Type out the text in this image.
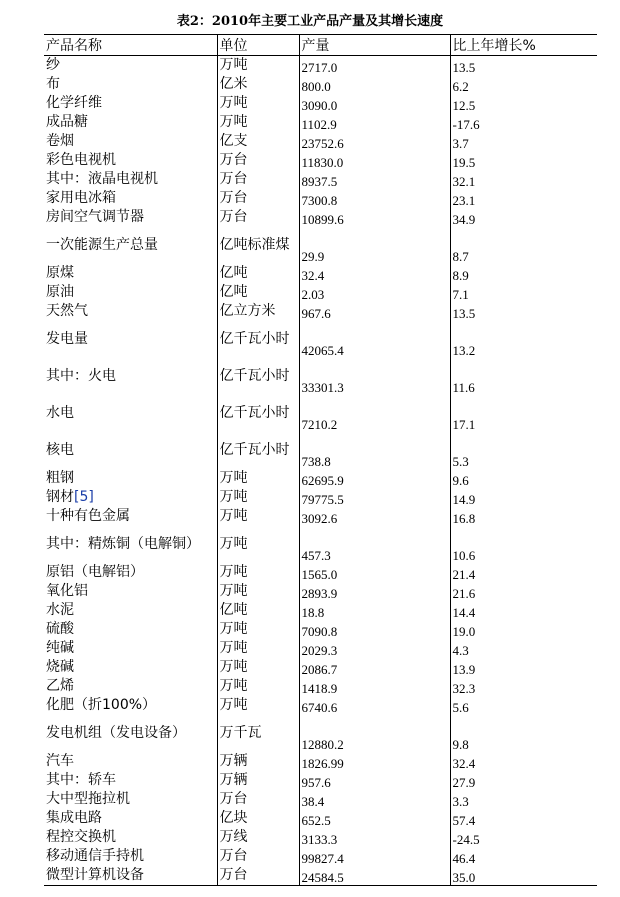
表2：2010年主要工业产品产量及其增长速度
产品名称	单位	产量	比上年增长%
纱	万吨	2717.0	13.5
布	亿米	800.0	6.2
化学纤维	万吨	3090.0	12.5
成品糖	万吨	1102.9	-17.6
卷烟	亿支	23752.6	3.7
彩色电视机	万台	11830.0	19.5
其中：液晶电视机	万台	8937.5	32.1
家用电冰箱	万台	7300.8	23.1
房间空气调节器	万台	10899.6	34.9
一次能源生产总量	亿吨标准煤	29.9	8.7
原煤	亿吨	32.4	8.9
原油	亿吨	2.03	7.1
天然气	亿立方米	967.6	13.5
发电量	亿千瓦小时	42065.4	13.2
其中：火电	亿千瓦小时	33301.3	11.6
水电	亿千瓦小时	7210.2	17.1
核电	亿千瓦小时	738.8	5.3
粗钢	万吨	62695.9	9.6
钢材[5]	万吨	79775.5	14.9
十种有色金属	万吨	3092.6	16.8
其中：精炼铜（电解铜）	万吨	457.3	10.6
原铝（电解铝）	万吨	1565.0	21.4
氧化铝	万吨	2893.9	21.6
水泥	亿吨	18.8	14.4
硫酸	万吨	7090.8	19.0
纯碱	万吨	2029.3	4.3
烧碱	万吨	2086.7	13.9
乙烯	万吨	1418.9	32.3
化肥（折100%）	万吨	6740.6	5.6
发电机组（发电设备）	万千瓦	12880.2	9.8
汽车	万辆	1826.99	32.4
其中：轿车	万辆	957.6	27.9
大中型拖拉机	万台	38.4	3.3
集成电路	亿块	652.5	57.4
程控交换机	万线	3133.3	-24.5
移动通信手持机	万台	99827.4	46.4
微型计算机设备	万台	24584.5	35.0
